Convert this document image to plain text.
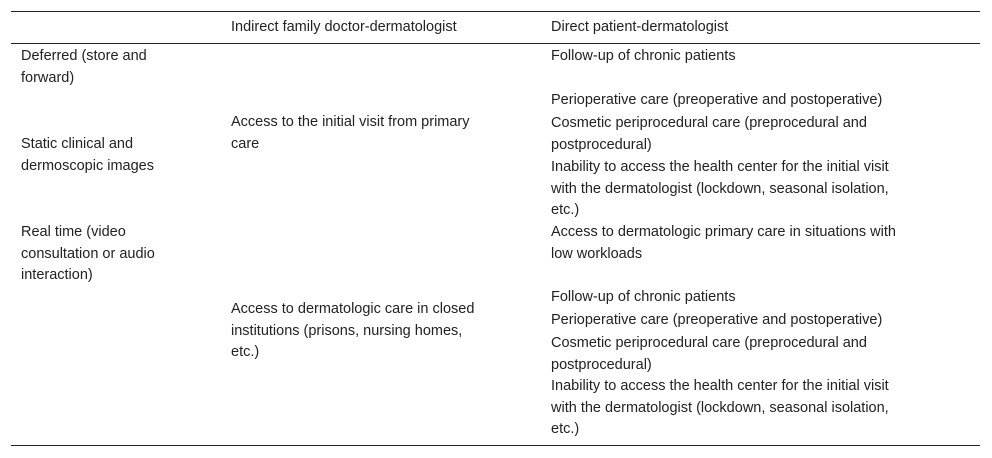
Indirect family doctor-dermatologist	Direct patient-dermatologist
Deferred (store and
forward)
Static clinical and
dermoscopic images
Real time (video
consultation or audio
interaction)
Access to the initial visit from primary
care
Access to dermatologic care in closed
institutions (prisons, nursing homes,
etc.)
Follow-up of chronic patients
Perioperative care (preoperative and postoperative)
Cosmetic periprocedural care (preprocedural and
postprocedural)
Inability to access the health center for the initial visit
with the dermatologist (lockdown, seasonal isolation,
etc.)
Access to dermatologic primary care in situations with
low workloads
Follow-up of chronic patients
Perioperative care (preoperative and postoperative)
Cosmetic periprocedural care (preprocedural and
postprocedural)
Inability to access the health center for the initial visit
with the dermatologist (lockdown, seasonal isolation,
etc.)
